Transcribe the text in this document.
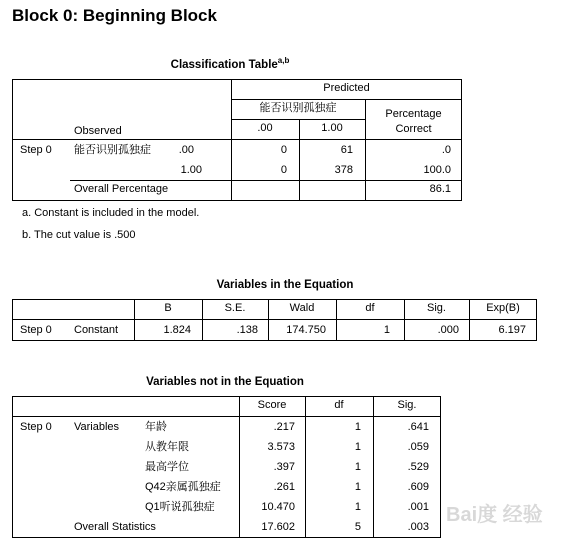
Block 0: Beginning Block
Classification Table$^{a,b}$
Predicted
能否识别孤独症
.00	1.00
Percentage
Correct
Observed
Step 0 能否识别孤独症	.00	0	61	.0
1.00	0	378	100.0
Overall Percentage	86.1
a. Constant is included in the model.
b. The cut value is .500
Variables in the Equation
B	S.E.	Wald	df	Sig.	Exp(B)
Step 0 Constant	1.824	.138	174.750	1	.000	6.197
Variables not in the Equation
Score	df	Sig.
Step 0 Variables 年龄	.217	1	.641
从教年限	3.573	1	.059
最高学位	.397	1	.529
Q42亲属孤独症	.261	1	.609
Q1听说孤独症	10.470	1	.001
Overall Statistics	17.602	5	.003
Bai度 经验
